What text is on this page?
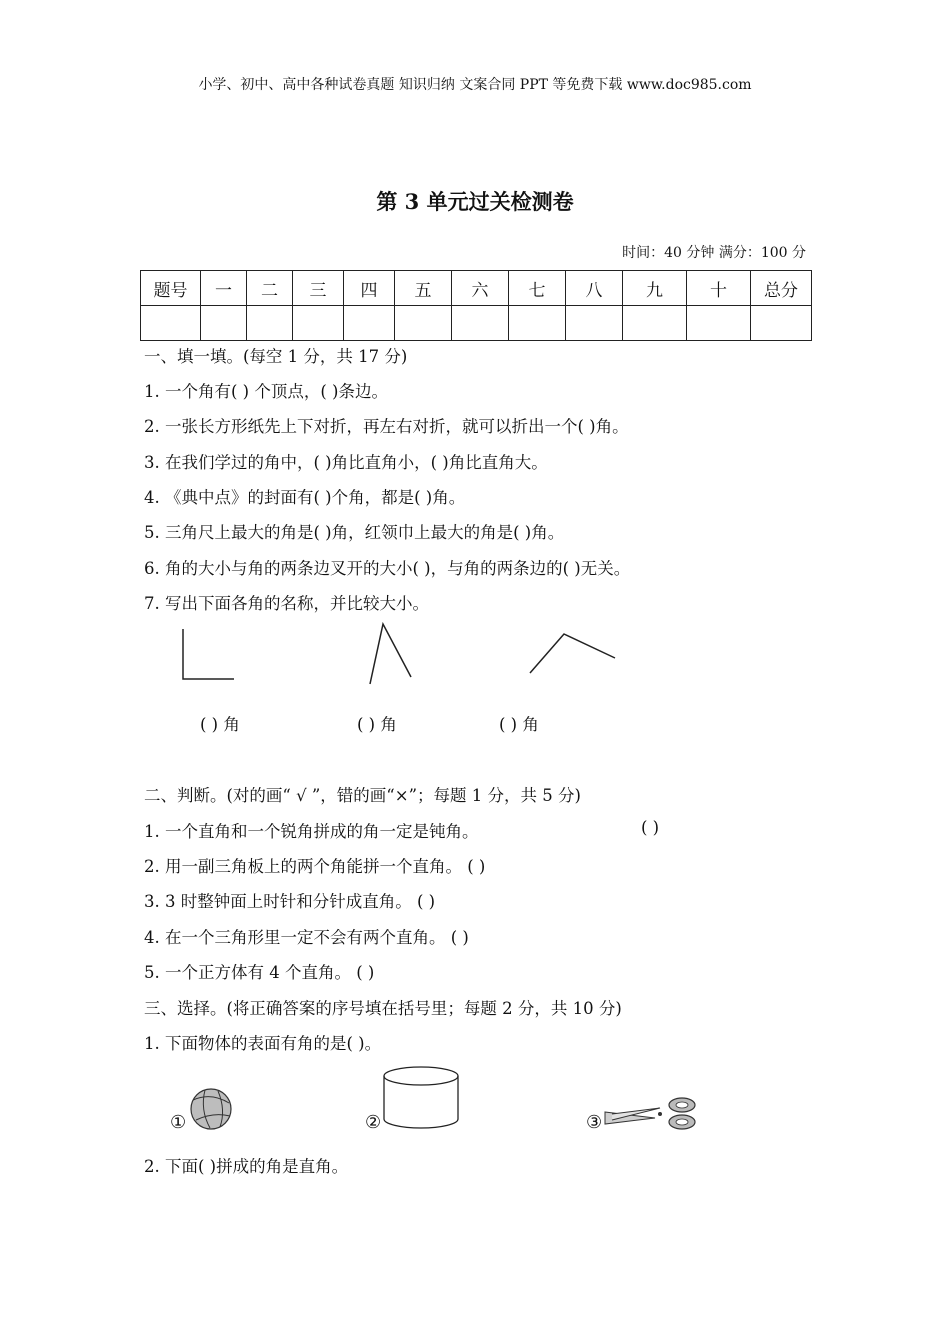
小学、初中、高中各种试卷真题 知识归纳 文案合同 PPT 等免费下载 www.doc985.com
第 3 单元过关检测卷
时间：40 分钟 满分：100 分
题号	一	二	三	四	五	六	七	八	九	十	总分

一、填一填。(每空 1 分，共 17 分)
1. 一个角有( ) 个顶点，( )条边。
2. 一张长方形纸先上下对折，再左右对折，就可以折出一个( )角。
3. 在我们学过的角中，( )角比直角小，( )角比直角大。
4. 《典中点》的封面有( )个角，都是( )角。
5. 三角尺上最大的角是( )角，红领巾上最大的角是( )角。
6. 角的大小与角的两条边叉开的大小( )，与角的两条边的( )无关。
7. 写出下面各角的名称，并比较大小。
( ) 角	( ) 角	( ) 角
二、判断。(对的画“ √ ”，错的画“×”；每题 1 分，共 5 分)
1. 一个直角和一个锐角拼成的角一定是钝角。	( )
2. 用一副三角板上的两个角能拼一个直角。 ( )
3. 3 时整钟面上时针和分针成直角。 ( )
4. 在一个三角形里一定不会有两个直角。 ( )
5. 一个正方体有 4 个直角。 ( )
三、选择。(将正确答案的序号填在括号里；每题 2 分，共 10 分)
1. 下面物体的表面有角的是( )。
①	②	③
2. 下面( )拼成的角是直角。
